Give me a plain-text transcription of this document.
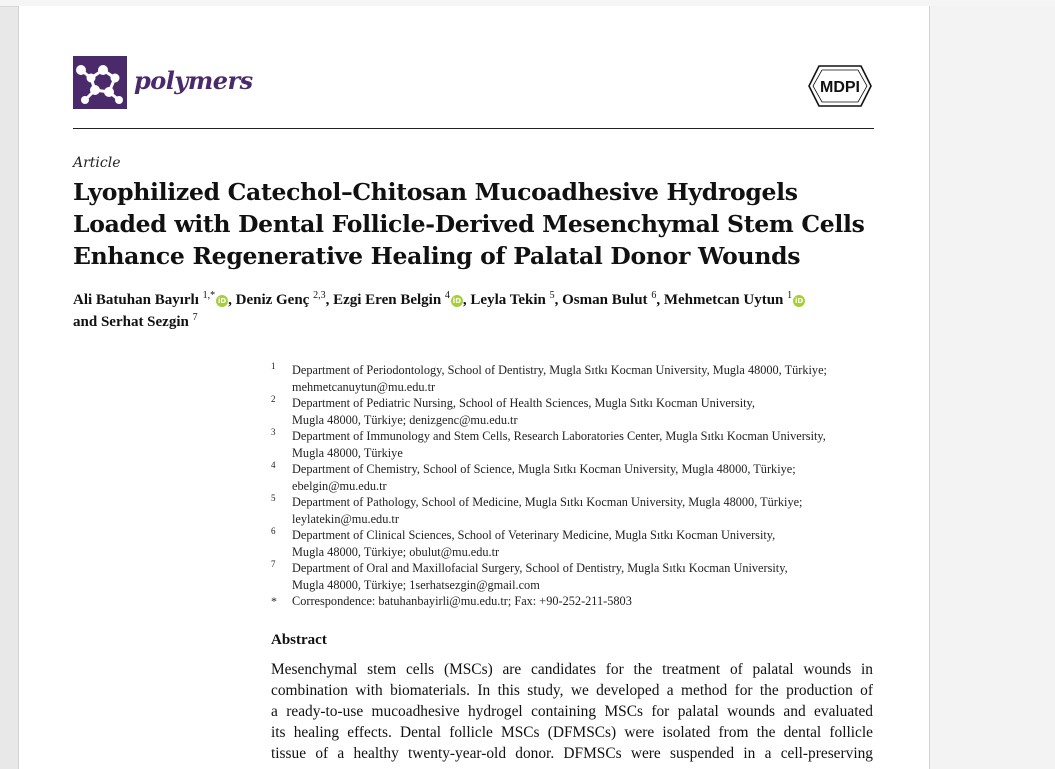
polymers	MDPI
Article
Lyophilized Catechol–Chitosan Mucoadhesive Hydrogels
Loaded with Dental Follicle-Derived Mesenchymal Stem Cells
Enhance Regenerative Healing of Palatal Donor Wounds
Ali Batuhan Bayırlı $^{1,*}$ iD , Deniz Genç $^{2,3}$, Ezgi Eren Belgin $^4$ iD , Leyla Tekin $^5$, Osman Bulut $^6$, Mehmetcan Uytun $^1$ iD
and Serhat Sezgin $^7$
1 Department of Periodontology, School of Dentistry, Mugla Sıtkı Kocman University, Mugla 48000, Türkiye;
mehmetcanuytun@mu.edu.tr
2 Department of Pediatric Nursing, School of Health Sciences, Mugla Sıtkı Kocman University,
Mugla 48000, Türkiye; denizgenc@mu.edu.tr
3 Department of Immunology and Stem Cells, Research Laboratories Center, Mugla Sıtkı Kocman University,
Mugla 48000, Türkiye
4 Department of Chemistry, School of Science, Mugla Sıtkı Kocman University, Mugla 48000, Türkiye;
ebelgin@mu.edu.tr
5 Department of Pathology, School of Medicine, Mugla Sıtkı Kocman University, Mugla 48000, Türkiye;
leylatekin@mu.edu.tr
6 Department of Clinical Sciences, School of Veterinary Medicine, Mugla Sıtkı Kocman University,
Mugla 48000, Türkiye; obulut@mu.edu.tr
7 Department of Oral and Maxillofacial Surgery, School of Dentistry, Mugla Sıtkı Kocman University,
Mugla 48000, Türkiye; 1serhatsezgin@gmail.com
* Correspondence: batuhanbayirli@mu.edu.tr; Fax: +90-252-211-5803
Abstract
Mesenchymal stem cells (MSCs) are candidates for the treatment of palatal wounds in
combination with biomaterials. In this study, we developed a method for the production of
a ready-to-use mucoadhesive hydrogel containing MSCs for palatal wounds and evaluated
its healing effects. Dental follicle MSCs (DFMSCs) were isolated from the dental follicle
tissue of a healthy twenty-year-old donor. DFMSCs were suspended in a cell-preserving
